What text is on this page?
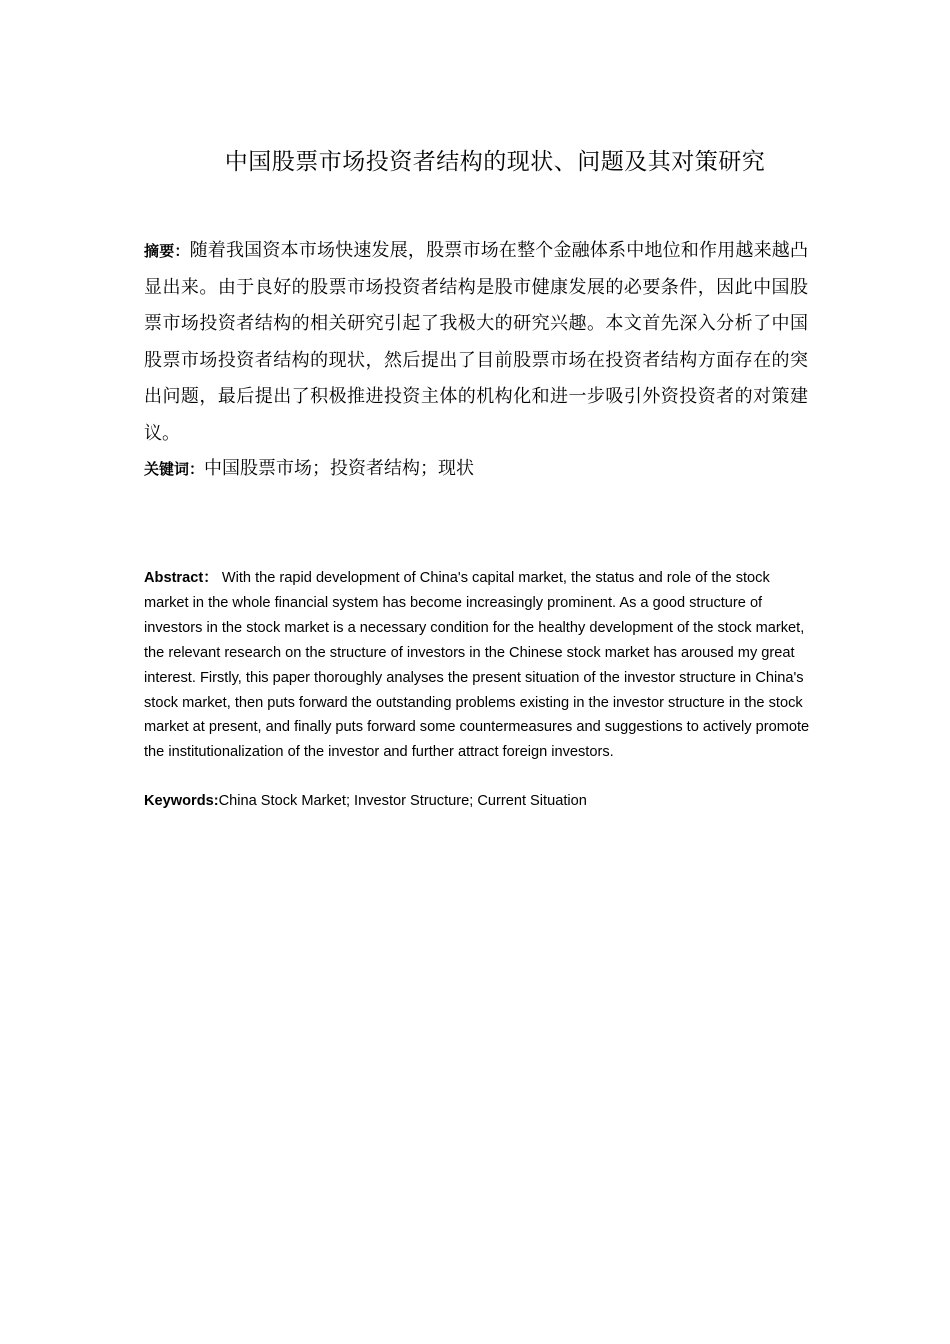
中国股票市场投资者结构的现状、问题及其对策研究

摘要：随着我国资本市场快速发展，股票市场在整个金融体系中地位和作用越来越凸显出来。由于良好的股票市场投资者结构是股市健康发展的必要条件，因此中国股票市场投资者结构的相关研究引起了我极大的研究兴趣。本文首先深入分析了中国股票市场投资者结构的现状，然后提出了目前股票市场在投资者结构方面存在的突出问题，最后提出了积极推进投资主体的机构化和进一步吸引外资投资者的对策建议。

关键词：中国股票市场；投资者结构；现状

Abstract： With the rapid development of China's capital market, the status and role of the stock market in the whole financial system has become increasingly prominent. As a good structure of investors in the stock market is a necessary condition for the healthy development of the stock market, the relevant research on the structure of investors in the Chinese stock market has aroused my great interest. Firstly, this paper thoroughly analyses the present situation of the investor structure in China's stock market, then puts forward the outstanding problems existing in the investor structure in the stock market at present, and finally puts forward some countermeasures and suggestions to actively promote the institutionalization of the investor and further attract foreign investors.

Keywords:China Stock Market; Investor Structure; Current Situation
